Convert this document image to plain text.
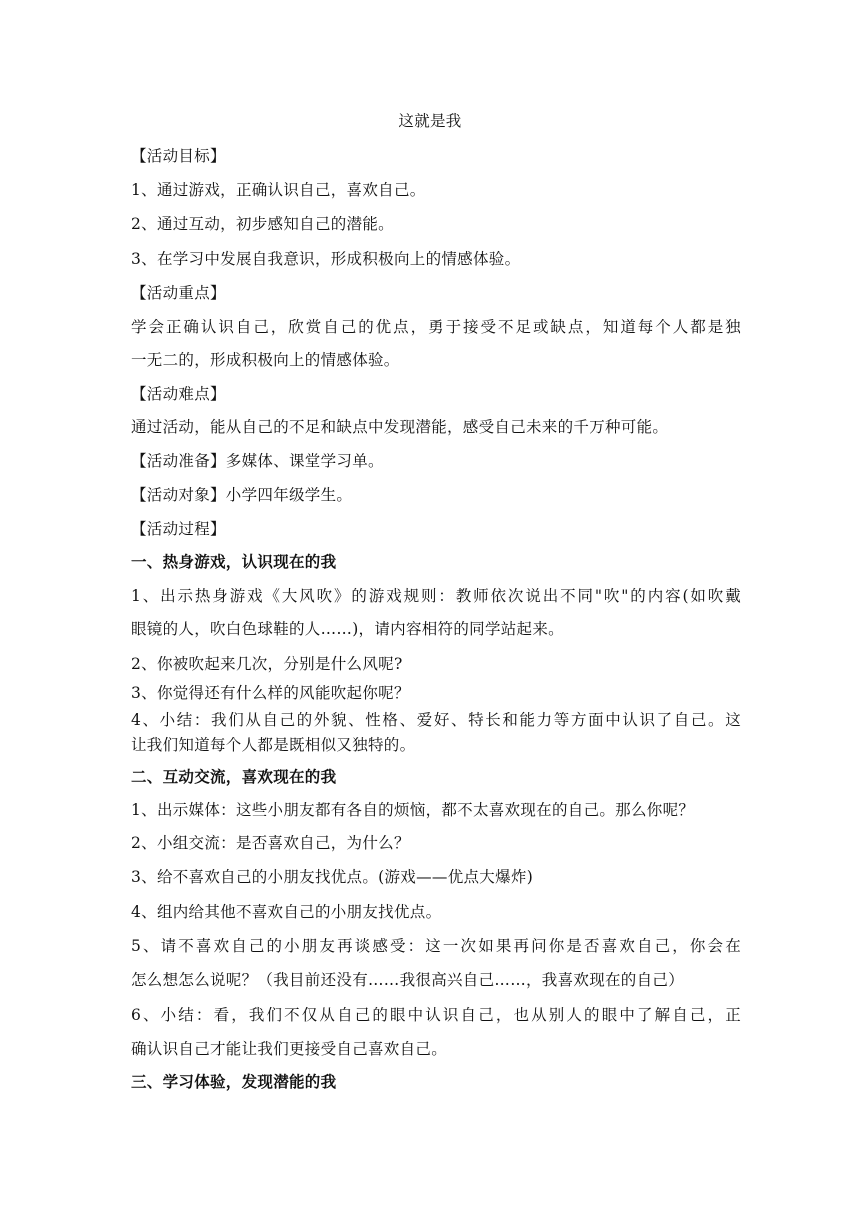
这就是我
【活动目标】
1、通过游戏，正确认识自己，喜欢自己。
2、通过互动，初步感知自己的潜能。
3、在学习中发展自我意识，形成积极向上的情感体验。
【活动重点】
学会正确认识自己，欣赏自己的优点，勇于接受不足或缺点，知道每个人都是独
一无二的，形成积极向上的情感体验。
【活动难点】
通过活动，能从自己的不足和缺点中发现潜能，感受自己未来的千万种可能。
【活动准备】多媒体、课堂学习单。
【活动对象】小学四年级学生。
【活动过程】
一、热身游戏，认识现在的我
1、出示热身游戏《大风吹》的游戏规则：教师依次说出不同"吹"的内容(如吹戴
眼镜的人，吹白色球鞋的人……)，请内容相符的同学站起来。
2、你被吹起来几次，分别是什么风呢?
3、你觉得还有什么样的风能吹起你呢？
4、小结：我们从自己的外貌、性格、爱好、特长和能力等方面中认识了自己。这
让我们知道每个人都是既相似又独特的。
二、互动交流，喜欢现在的我
1、出示媒体：这些小朋友都有各自的烦恼，都不太喜欢现在的自己。那么你呢？
2、小组交流：是否喜欢自己，为什么？
3、给不喜欢自己的小朋友找优点。(游戏——优点大爆炸)
4、组内给其他不喜欢自己的小朋友找优点。
5、请不喜欢自己的小朋友再谈感受：这一次如果再问你是否喜欢自己，你会在
怎么想怎么说呢？（我目前还没有……我很高兴自己……，我喜欢现在的自己）
6、小结：看，我们不仅从自己的眼中认识自己，也从别人的眼中了解自己，正
确认识自己才能让我们更接受自己喜欢自己。
三、学习体验，发现潜能的我
